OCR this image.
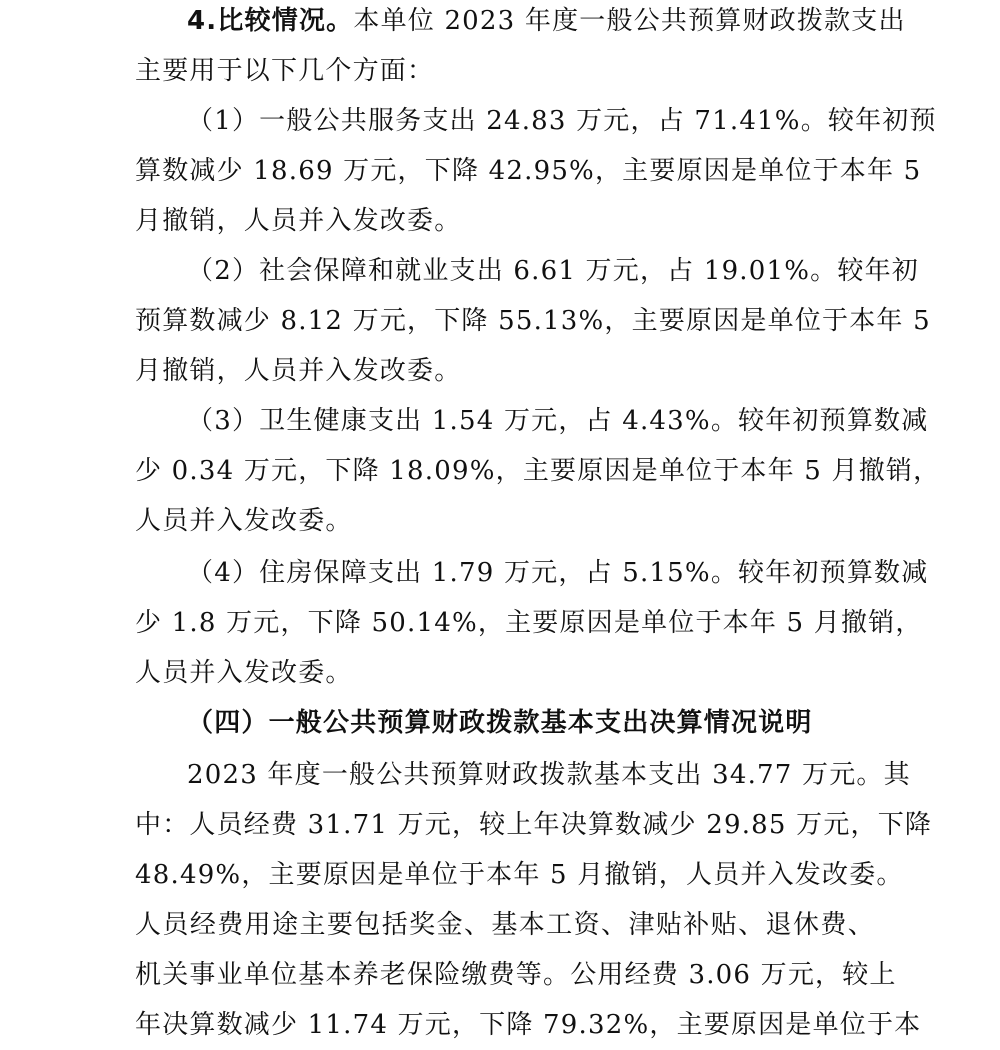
4.比较情况。本单位 2023 年度一般公共预算财政拨款支出
主要用于以下几个方面：
（1）一般公共服务支出 24.83 万元，占 71.41%。较年初预
算数减少 18.69 万元，下降 42.95%，主要原因是单位于本年 5
月撤销，人员并入发改委。
（2）社会保障和就业支出 6.61 万元，占 19.01%。较年初
预算数减少 8.12 万元，下降 55.13%，主要原因是单位于本年 5
月撤销，人员并入发改委。
（3）卫生健康支出 1.54 万元，占 4.43%。较年初预算数减
少 0.34 万元，下降 18.09%，主要原因是单位于本年 5 月撤销，
人员并入发改委。
（4）住房保障支出 1.79 万元，占 5.15%。较年初预算数减
少 1.8 万元，下降 50.14%，主要原因是单位于本年 5 月撤销，
人员并入发改委。
（四）一般公共预算财政拨款基本支出决算情况说明
2023 年度一般公共预算财政拨款基本支出 34.77 万元。其
中：人员经费 31.71 万元，较上年决算数减少 29.85 万元，下降
48.49%，主要原因是单位于本年 5 月撤销，人员并入发改委。
人员经费用途主要包括奖金、基本工资、津贴补贴、退休费、
机关事业单位基本养老保险缴费等。公用经费 3.06 万元，较上
年决算数减少 11.74 万元，下降 79.32%，主要原因是单位于本
